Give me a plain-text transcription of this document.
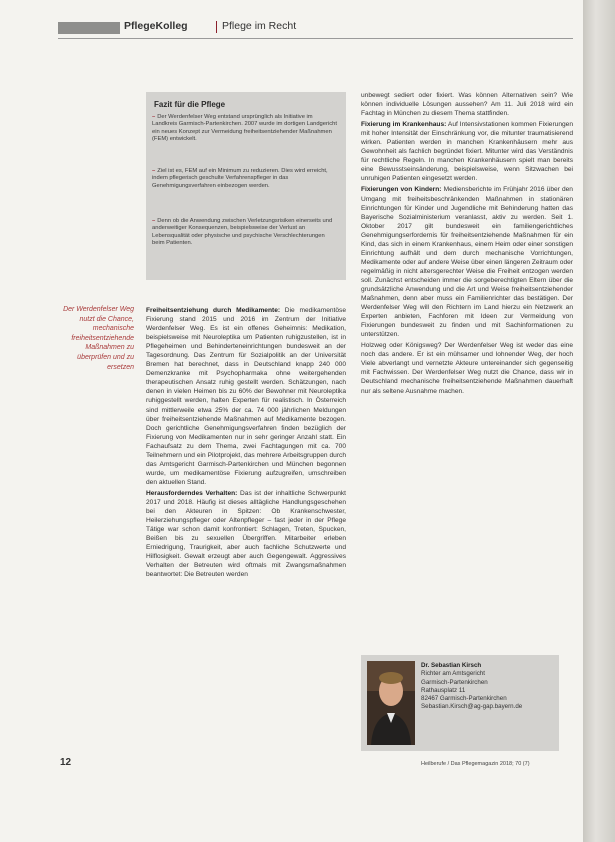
PflegeKolleg	Pflege im Recht
Fazit für die Pflege
– Der Werdenfelser Weg entstand ursprünglich als Initiative im Landkreis Garmisch-Partenkirchen. 2007 wurde im dortigen Landgericht ein neues Konzept zur Vermeidung freiheitsentziehender Maßnahmen (FEM) entwickelt.
– Ziel ist es, FEM auf ein Minimum zu reduzieren. Dies wird erreicht, indem pflegerisch geschulte Verfahrenspfleger in das Genehmigungsverfahren einbezogen werden.
– Denn ob die Anwendung zwischen Verletzungsrisiken einerseits und anderweitiger Konsequenzen, beispielsweise der Verlust an Lebensqualität oder physische und psychische Verschlechterungen beim Patienten.
Der Werdenfelser Weg nutzt die Chance, mechanische freiheitsentziehende Maßnahmen zu überprüfen und zu ersetzen

Freiheitsentziehung durch Medikamente: Die medikamentöse Fixierung stand 2015 und 2016 im Zentrum der Initiative Werdenfelser Weg. Es ist ein offenes Geheimnis: Medikation, beispielsweise mit Neuroleptika um Patienten ruhigzustellen, ist in Pflegeheimen und Behinderteneinrichtungen bundesweit an der Tagesordnung. Das Zentrum für Sozialpolitik an der Universität Bremen hat berechnet, dass in Deutschland knapp 240 000 Demenzkranke mit Psychopharmaka ohne weitergehenden therapeutischen Ansatz ruhig gestellt werden. Schätzungen, nach denen in vielen Heimen bis zu 60% der Bewohner mit Neuroleptika ruhiggestellt werden, halten Experten für realistisch. In Österreich sind mittlerweile etwa 25% der ca. 74 000 jährlichen Meldungen über freiheitsentziehende Maßnahmen auf Medikamente bezogen. Doch gerichtliche Genehmigungsverfahren finden bezüglich der Fixierung von Medikamenten nur in sehr geringer Anzahl statt. Ein Fachaufsatz zu dem Thema, zwei Fachtagungen mit ca. 700 Teilnehmern und ein Pilotprojekt, das mehrere Arbeitsgruppen durch das Amtsgericht Garmisch-Partenkirchen und München begonnen wurde, um medikamentöse Fixierung aufzugreifen, umschreiben den aktuellen Stand.

Herausforderndes Verhalten: Das ist der inhaltliche Schwerpunkt 2017 und 2018. Häufig ist dieses alltägliche Handlungsgeschehen bei den Akteuren in Spitzen: Ob Krankenschwester, Heilerziehungspfleger oder Altenpfleger – fast jeder in der Pflege Tätige war schon damit konfrontiert: Schlagen, Treten, Spucken, Beißen bis zu sexuellen Übergriffen. Mitarbeiter erleben Erniedrigung, Traurigkeit, aber auch fachliche Schutzwerte und Hilflosigkeit. Gewalt erzeugt aber auch Gegengewalt. Aggressives Verhalten der Betreuten wird oftmals mit Zwangsmaßnahmen beantwortet: Die Betreuten werden

unbewegt sediert oder fixiert. Was können Alternativen sein? Wie können individuelle Lösungen aussehen? Am 11. Juli 2018 wird ein Fachtag in München zu diesem Thema stattfinden.

Fixierung im Krankenhaus: Auf Intensivstationen kommen Fixierungen mit hoher Intensität der Einschränkung vor, die mitunter traumatisierend wirken. Patienten werden in manchen Krankenhäusern mehr aus Gewohnheit als fachlich begründet fixiert. Mitunter wird das Verständnis für rechtliche Regeln. In manchen Krankenhäusern spielt man bereits eine Bewusstseinsänderung, beispielsweise, wenn Sitzwachen bei unruhigen Patienten eingesetzt werden.

Fixierungen von Kindern: Mediensberichte im Frühjahr 2016 über den Umgang mit freiheitsbeschränkenden Maßnahmen in stationären Einrichtungen für Kinder und Jugendliche mit Behinderung hatten das Bayerische Sozialministerium veranlasst, aktiv zu werden. Seit 1. Oktober 2017 gilt bundesweit ein familiengerichtliches Genehmigungserfordernis für freiheitsentziehende Maßnahmen für ein Kind, das sich in einem Krankenhaus, einem Heim oder einer sonstigen Einrichtung aufhält und dem durch mechanische Vorrichtungen, Medikamente oder auf andere Weise über einen längeren Zeitraum oder regelmäßig in nicht altersgerechter Weise die Freiheit entzogen werden soll. Zunächst entscheiden immer die sorgeberechtigten Eltern über die grundsätzliche Anwendung und die Art und Weise freiheitsentziehender Maßnahmen, denn aber muss ein Familienrichter das bestätigen. Der Werdenfelser Weg will den Richtern im Land hierzu ein Netzwerk an Experten anbieten, Fachforen mit Ideen zur Vermeidung von Fixierungen bundesweit zu finden und mit Sachinformationen zu unterstützen.

Holzweg oder Königsweg? Der Werdenfelser Weg ist weder das eine noch das andere. Er ist ein mühsamer und lohnender Weg, der hoch Viele abverlangt und vernetzte Akteure untereinander sich gegenseitig mit Fachwissen. Der Werdenfelser Weg nutzt die Chance, dass wir in Deutschland mechanische freiheitsentziehende Maßnahmen dauerhaft nur als seltene Ausnahme machen.

Dr. Sebastian Kirsch
Richter am Amtsgericht
Garmisch-Partenkirchen
Rathausplatz 11
82467 Garmisch-Partenkirchen
Sebastian.Kirsch@ag-gap.bayern.de
12	Heilberufe / Das Pflegemagazin 2018; 70 (7)
